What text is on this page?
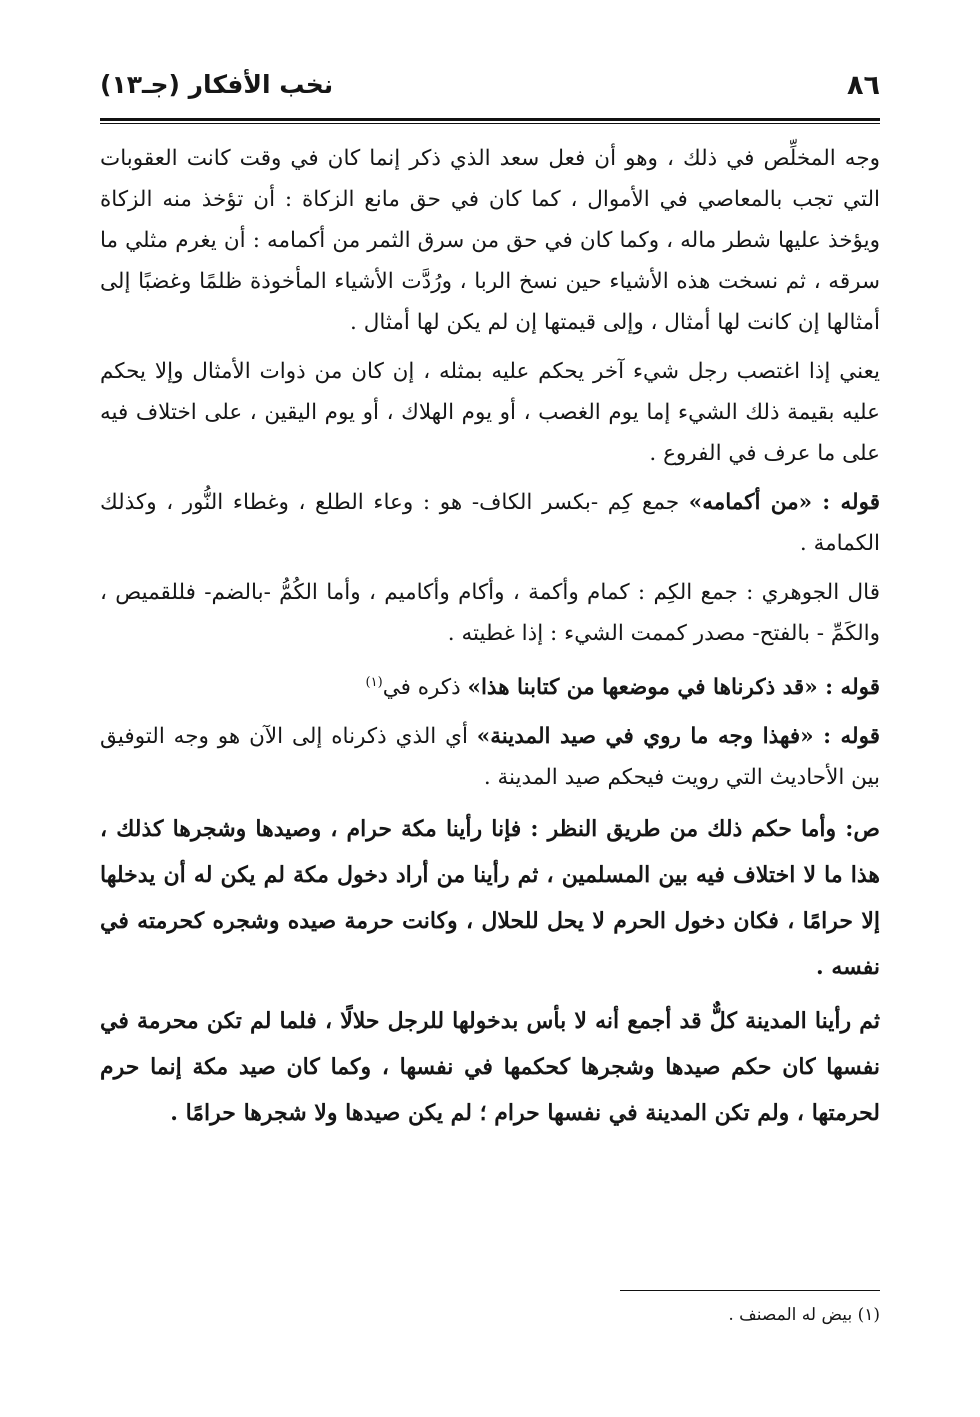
٨٦
نخب الأفكار (جـ١٣)

وجه المخلِّص في ذلك ، وهو أن فعل سعد الذي ذكر إنما كان في وقت كانت العقوبات التي تجب بالمعاصي في الأموال ، كما كان في حق مانع الزكاة : أن تؤخذ منه الزكاة ويؤخذ عليها شطر ماله ، وكما كان في حق من سرق الثمر من أكمامه : أن يغرم مثلي ما سرقه ، ثم نسخت هذه الأشياء حين نسخ الربا ، ورُدَّت الأشياء المأخوذة ظلمًا وغضبًا إلى أمثالها إن كانت لها أمثال ، وإلى قيمتها إن لم يكن لها أمثال .

يعني إذا اغتصب رجل شيء آخر يحكم عليه بمثله ، إن كان من ذوات الأمثال وإلا يحكم عليه بقيمة ذلك الشيء إما يوم الغصب ، أو يوم الهلاك ، أو يوم اليقين ، على اختلاف فيه على ما عرف في الفروع .

قوله : «من أكمامه» جمع كِم -بكسر الكاف- هو : وعاء الطلع ، وغطاء النُّور ، وكذلك الكمامة .

قال الجوهري : جمع الكِم : كمام وأكمة ، وأكام وأكاميم ، وأما الكُمُّ -بالضم- فللقميص ، والكَمِّ - بالفتح- مصدر كممت الشيء : إذا غطيته .

قوله : «قد ذكرناها في موضعها من كتابنا هذا» ذكره في$^{(١)}$

قوله : «فهذا وجه ما روي في صيد المدينة» أي الذي ذكرناه إلى الآن هو وجه التوفيق بين الأحاديث التي رويت فيحكم صيد المدينة .

ص: وأما حكم ذلك من طريق النظر : فإنا رأينا مكة حرام ، وصيدها وشجرها كذلك ، هذا ما لا اختلاف فيه بين المسلمين ، ثم رأينا من أراد دخول مكة لم يكن له أن يدخلها إلا حرامًا ، فكان دخول الحرم لا يحل للحلال ، وكانت حرمة صيده وشجره كحرمته في نفسه .

ثم رأينا المدينة كلٌّ قد أجمع أنه لا بأس بدخولها للرجل حلالًا ، فلما لم تكن محرمة في نفسها كان حكم صيدها وشجرها كحكمها في نفسها ، وكما كان صيد مكة إنما حرم لحرمتها ، ولم تكن المدينة في نفسها حرام ؛ لم يكن صيدها ولا شجرها حرامًا .

(١) بيض له المصنف .
